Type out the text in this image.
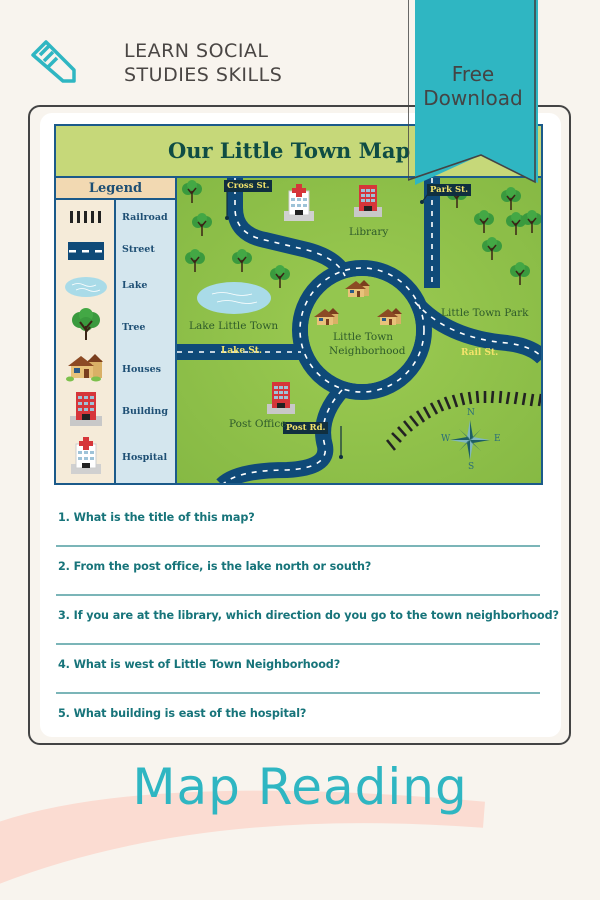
LEARN SOCIAL
STUDIES SKILLS
Our Little Town Map
Legend
Railroad
Street
Lake
Tree
Houses
Building
Hospital
Cross St.	Park St.
Post Rd.
Lake St.	Rail St.
Library
Lake Little Town
Little Town
Neighborhood
Little Town Park
Post Office
N
S
E
W
Free
Download
1. What is the title of this map?
2. From the post office, is the lake north or south?
3. If you are at the library, which direction do you go to the town neighborhood?
4. What is west of Little Town Neighborhood?
5. What building is east of the hospital?
Map Reading
